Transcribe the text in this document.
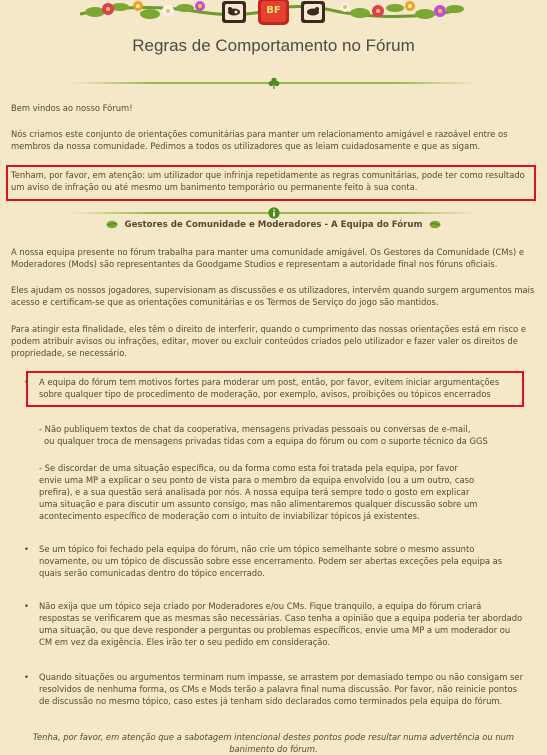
BF
Regras de Comportamento no Fórum
Bem vindos ao nosso Fórum!
Nós criamos este conjunto de orientações comunitárias para manter um relacionamento amigável e razoável entre os membros da nossa comunidade. Pedimos a todos os utilizadores que as leiam cuidadosamente e que as sigam.
Tenham, por favor, em atenção: um utilizador que infrinja repetidamente as regras comunitárias, pode ter como resultado um aviso de infração ou até mesmo um banimento temporário ou permanente feito à sua conta.
Gestores de Comunidade e Moderadores - A Equipa do Fórum
A nossa equipa presente no fórum trabalha para manter uma comunidade amigável. Os Gestores da Comunidade (CMs) e Moderadores (Mods) são representantes da Goodgame Studios e representam a autoridade final nos fóruns oficiais.
Eles ajudam os nossos jogadores, supervisionam as discussões e os utilizadores, intervêm quando surgem argumentos mais acesso e certificam-se que as orientações comunitárias e os Termos de Serviço do jogo são mantidos.
Para atingir esta finalidade, eles têm o direito de interferir, quando o cumprimento das nossas orientações está em risco e podem atribuir avisos ou infrações, editar, mover ou excluir conteúdos criados pelo utilizador e fazer valer os direitos de propriedade, se necessário.
• A equipa do fórum tem motivos fortes para moderar um post, então, por favor, evitem iniciar argumentações sobre qualquer tipo de procedimento de moderação, por exemplo, avisos, proibições ou tópicos encerrados
- Não publiquem textos de chat da cooperativa, mensagens privadas pessoais ou conversas de e-mail,
ou qualquer troca de mensagens privadas tidas com a equipa do fórum ou com o suporte técnico da GGS
- Se discordar de uma situação específica, ou da forma como esta foi tratada pela equipa, por favor envie uma MP a explicar o seu ponto de vista para o membro da equipa envolvido (ou a um outro, caso prefira), e a sua questão será analisada por nós. A nossa equipa terá sempre todo o gosto em explicar uma situação e para discutir um assunto consigo, mas não alimentaremos qualquer discussão sobre um acontecimento específico de moderação com o intuito de inviabilizar tópicos já existentes.
• Se um tópico foi fechado pela equipa do fórum, não crie um tópico semelhante sobre o mesmo assunto novamente, ou um tópico de discussão sobre esse encerramento. Podem ser abertas exceções pela equipa as quais serão comunicadas dentro do tópico encerrado.
• Não exija que um tópico seja criado por Moderadores e/ou CMs. Fique tranquilo, a equipa do fórum criará respostas se verificarem que as mesmas são necessárias. Caso tenha a opinião que a equipa poderia ter abordado uma situação, ou que deve responder a perguntas ou problemas específicos, envie uma MP a um moderador ou CM em vez da exigência. Eles irão ter o seu pedido em consideração.
• Quando situações ou argumentos terminam num impasse, se arrastem por demasiado tempo ou não consigam ser resolvidos de nenhuma forma, os CMs e Mods terão a palavra final numa discussão. Por favor, não reinicie pontos de discussão no mesmo tópico, caso estes já tenham sido declarados como terminados pela equipa do fórum.
Tenha, por favor, em atenção que a sabotagem intencional destes pontos pode resultar numa advertência ou num banimento do fórum.
